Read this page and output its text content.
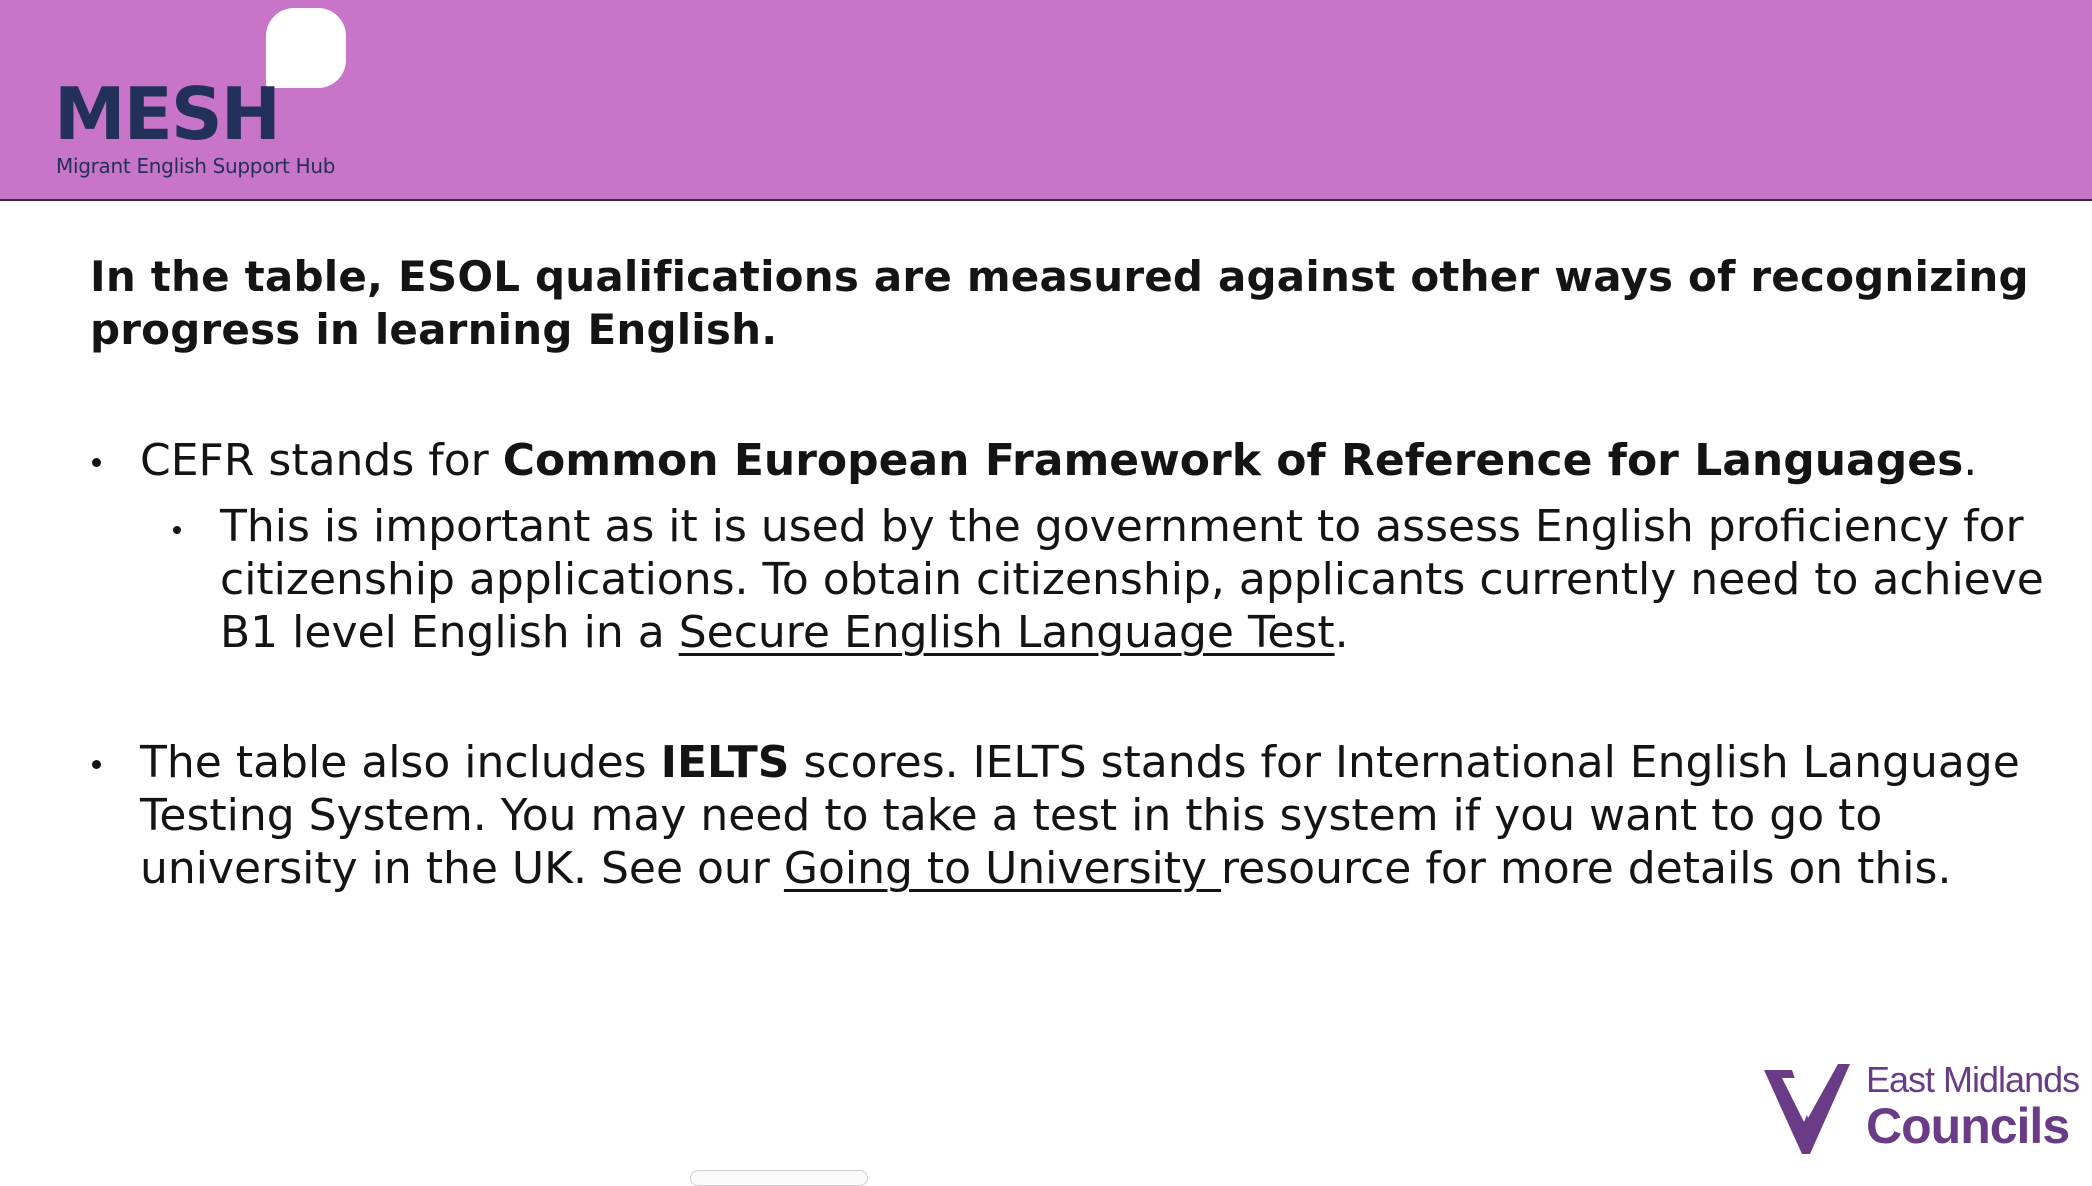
MESH
Migrant English Support Hub

In the table, ESOL qualifications are measured against other ways of recognizing progress in learning English.

CEFR stands for Common European Framework of Reference for Languages.
This is important as it is used by the government to assess English proficiency for citizenship applications. To obtain citizenship, applicants currently need to achieve B1 level English in a Secure English Language Test.
The table also includes IELTS scores. IELTS stands for International English Language Testing System. You may need to take a test in this system if you want to go to university in the UK. See our Going to University resource for more details on this.
East Midlands
Councils
